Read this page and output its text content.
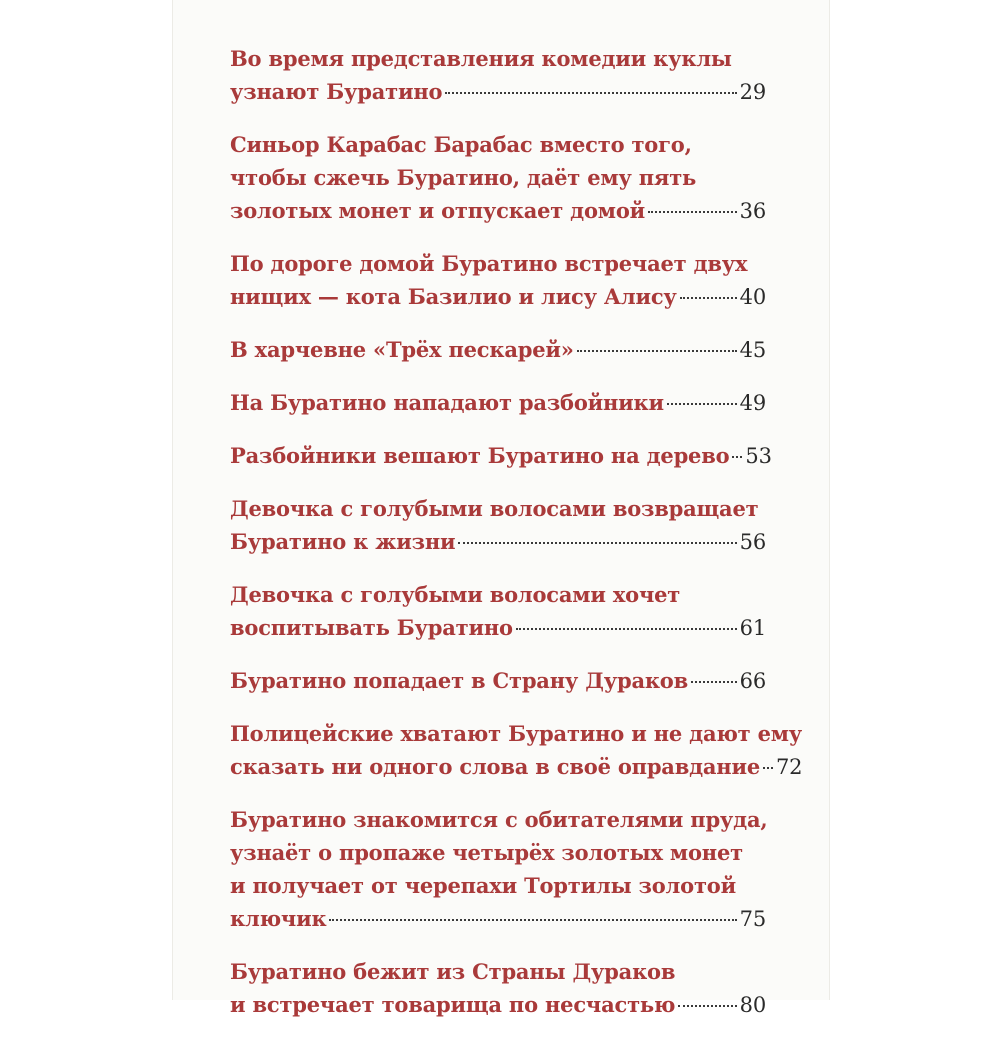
Во время представления комедии куклы
узнают Буратино	29
Синьор Карабас Барабас вместо того,
чтобы сжечь Буратино, даёт ему пять
золотых монет и отпускает домой	36
По дороге домой Буратино встречает двух
нищих — кота Базилио и лису Алису	40
В харчевне «Трёх пескарей»	45
На Буратино нападают разбойники	49
Разбойники вешают Буратино на дерево 53
Девочка с голубыми волосами возвращает
Буратино к жизни	56
Девочка с голубыми волосами хочет
воспитывать Буратино	61
Буратино попадает в Страну Дураков 66
Полицейские хватают Буратино и не дают ему
сказать ни одного слова в своё оправдание 72
Буратино знакомится с обитателями пруда,
узнаёт о пропаже четырёх золотых монет
и получает от черепахи Тортилы золотой
ключик	75
Буратино бежит из Страны Дураков
и встречает товарища по несчастью	80
